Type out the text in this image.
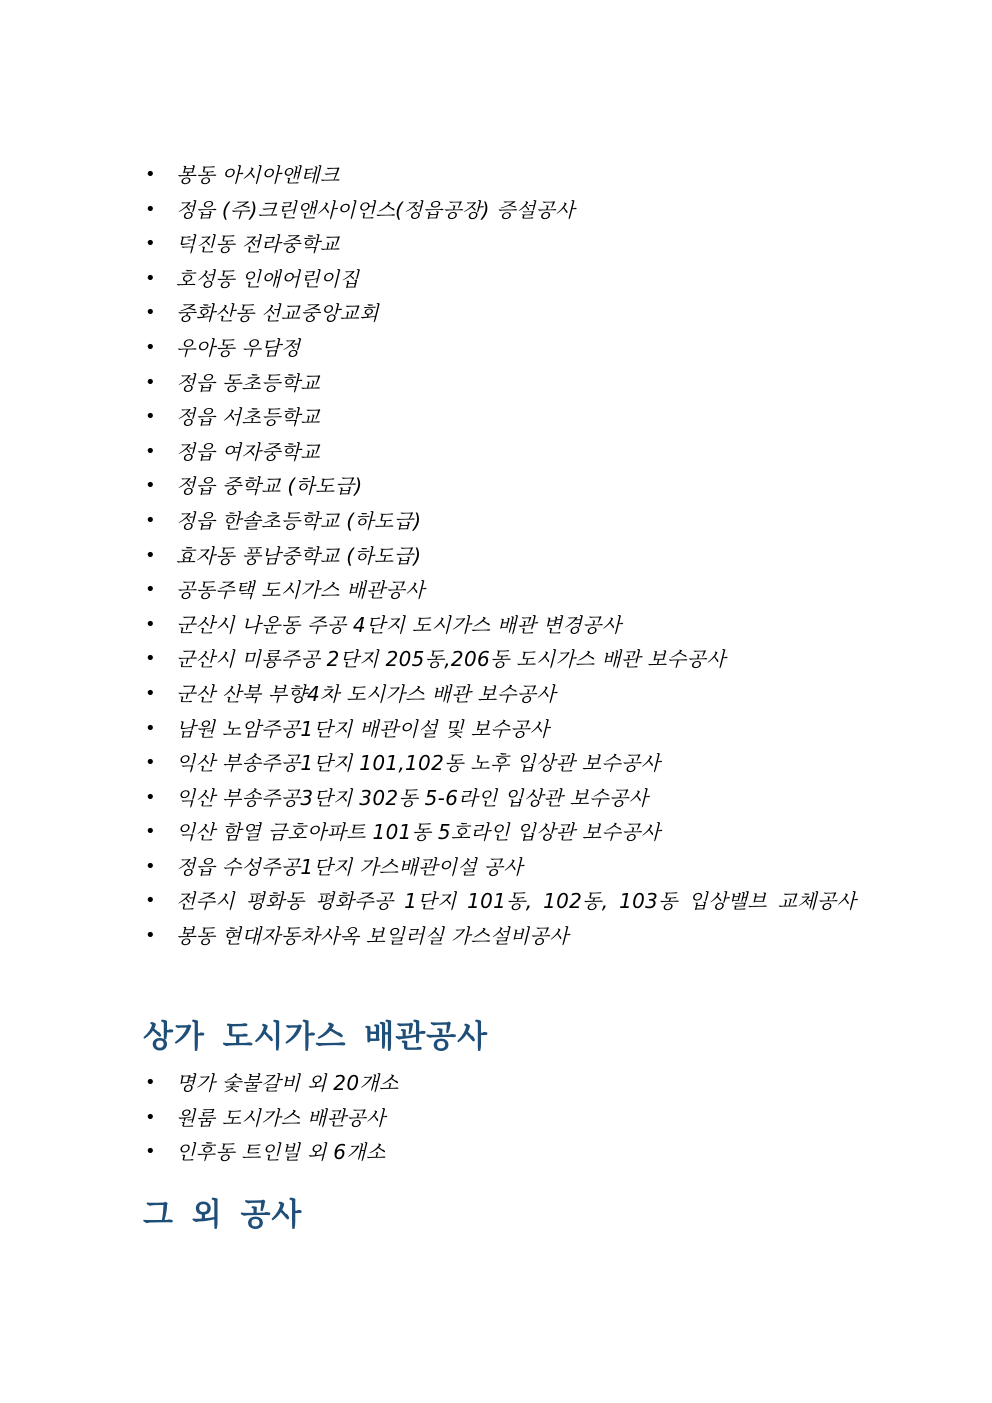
•	봉동 아시아앤테크
•	정읍 (주)크린앤사이언스(정읍공장) 증설공사
•	덕진동 전라중학교
•	호성동 인애어린이집
•	중화산동 선교중앙교회
•	우아동 우담정
•	정읍 동초등학교
•	정읍 서초등학교
•	정읍 여자중학교
•	정읍 중학교 (하도급)
•	정읍 한솔초등학교 (하도급)
•	효자동 풍남중학교 (하도급)
•	공동주택 도시가스 배관공사
•	군산시 나운동 주공 4단지 도시가스 배관 변경공사
•	군산시 미룡주공 2단지 205동,206동 도시가스 배관 보수공사
•	군산 산북 부향4차 도시가스 배관 보수공사
•	남원 노암주공1단지 배관이설 및 보수공사
•	익산 부송주공1단지 101,102동 노후 입상관 보수공사
•	익산 부송주공3단지 302동 5-6라인 입상관 보수공사
•	익산 함열 금호아파트 101동 5호라인 입상관 보수공사
•	정읍 수성주공1단지 가스배관이설 공사
•	전주시 평화동 평화주공 1단지 101동, 102동, 103동 입상밸브 교체공사
•	봉동 현대자동차사옥 보일러실 가스설비공사
상가 도시가스 배관공사
•	명가 숯불갈비 외 20개소
•	원룸 도시가스 배관공사
•	인후동 트인빌 외 6개소
그 외 공사
